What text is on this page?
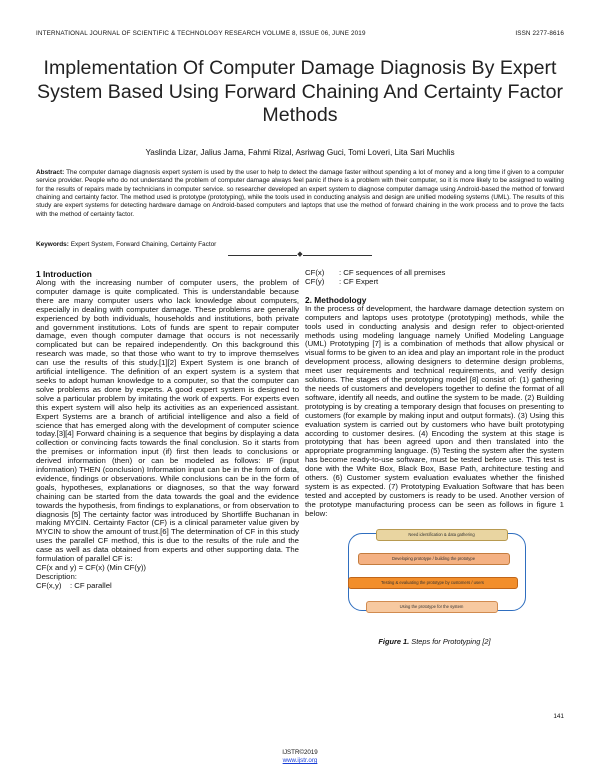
INTERNATIONAL JOURNAL OF SCIENTIFIC & TECHNOLOGY RESEARCH VOLUME 8, ISSUE 06, JUNE 2019	ISSN 2277-8616
Implementation Of Computer Damage Diagnosis By Expert System Based Using Forward Chaining And Certainty Factor Methods
Yaslinda Lizar, Jalius Jama, Fahmi Rizal, Asriwag Guci, Tomi Loveri, Lita Sari Muchlis
Abstract: The computer damage diagnosis expert system is used by the user to help to detect the damage faster without spending a lot of money and a long time if given to a computer service provider. People who do not understand the problem of computer damage always feel panic if there is a problem with their computer, so it is more likely to be assigned to waiting for the results of repairs made by technicians in computer service. so researcher developed an expert system to diagnose computer damage using Android-based the method of forward chaining and certainty factor. The method used is prototype (prototyping), while the tools used in conducting analysis and design are unified modeling systems (UML). The results of this study are expert systems for detecting hardware damage on Android-based computers and laptops that use the method of forward chaining in the work process and to prove the facts with the method of certainty factor.
Keywords: Expert System, Forward Chaining, Certainty Factor
◆
1 Introduction

Along with the increasing number of computer users, the problem of computer damage is quite complicated. This is understandable because there are many computer users who lack knowledge about computers, especially in dealing with computer damage. These problems are generally experienced by both individuals, households and institutions, both private and government institutions. Lots of funds are spent to repair computer damage, even though computer damage that occurs is not necessarily complicated but can be repaired independently. On this background this research was made, so that those who want to try to improve themselves can use the results of this study.[1][2] Expert System is one branch of artificial intelligence. The definition of an expert system is a system that seeks to adopt human knowledge to a computer, so that the computer can solve problems as done by experts. A good expert system is designed to solve a particular problem by imitating the work of experts. For experts even this expert system will also help its activities as an experienced assistant. Expert Systems are a branch of artificial intelligence and also a field of science that has emerged along with the development of computer science today.[3][4] Forward chaining is a sequence that begins by displaying a data collection or convincing facts towards the final conclusion. So it starts from the premises or information input (if) first then leads to conclusions or derived information (then) or can be modeled as follows: IF (input information) THEN (conclusion) Information input can be in the form of data, evidence, findings or observations. While conclusions can be in the form of goals, hypotheses, explanations or diagnoses, so that the way forward chaining can be started from the data towards the goal and the evidence towards the hypothesis, from findings to explanations, or from observation to diagnosis [5] The certainty factor was introduced by Shortliffe Buchanan in making MYCIN. Certainty Factor (CF) is a clinical parameter value given by MYCIN to show the amount of trust.[6] The determination of CF in this study uses the parallel CF method, this is due to the results of the rule and the case as well as data obtained from experts and other supporting data. The formulation of parallel CF is:

CF(x and y) = CF(x) (Min CF(y))

Description:

CF(x,y)	: CF parallel
CF(x)	: CF sequences of all premises
CF(y)	: CF Expert
2. Methodology

In the process of development, the hardware damage detection system on computers and laptops uses prototype (prototyping) methods, while the tools used in conducting analysis and design refer to object-oriented methods using modeling language namely Unified Modeling Language (UML) Prototyping [7] is a combination of methods that allow physical or visual forms to be given to an idea and play an important role in the product development process, allowing designers to determine design problems, meet user requirements and technical requirements, and verify design solutions. The stages of the prototyping model [8] consist of: (1) gathering the needs of customers and developers together to define the format of all software, identify all needs, and outline the system to be made. (2) Building prototyping is by creating a temporary design that focuses on presenting to customers (for example by making input and output formats). (3) Using this evaluation system is carried out by customers who have built prototyping according to customer desires. (4) Encoding the system at this stage is prototyping that has been agreed upon and then translated into the appropriate programming language. (5) Testing the system after the system has become ready-to-use software, must be tested before use. This test is done with the White Box, Black Box, Base Path, architecture testing and others. (6) Customer system evaluation evaluates whether the finished system is as expected. (7) Prototyping Evaluation Software that has been tested and accepted by customers is ready to be used. Another version of the prototype manufacturing process can be seen as follows in figure 1 below:

Need identification & data gathering
Developing prototype / building the prototype
Testing & evaluating the prototype by customers / users
Using the prototype for the system
Figure 1. Steps for Prototyping [2]
141
IJSTR©2019
www.ijstr.org
